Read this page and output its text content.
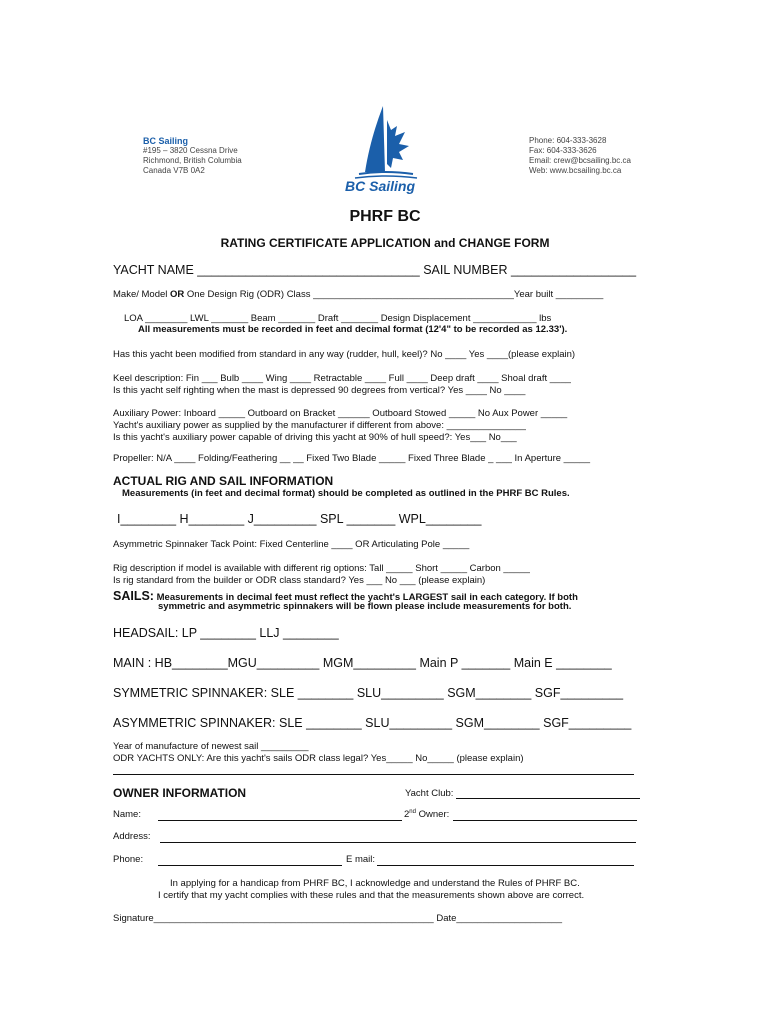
BC Sailing
#195 – 3820 Cessna Drive
Richmond, British Columbia
Canada V7B 0A2
BC Sailing
Phone: 604-333-3628
Fax: 604-333-3626
Email: crew@bcsailing.bc.ca
Web: www.bcsailing.bc.ca
PHRF BC
RATING CERTIFICATE APPLICATION and CHANGE FORM
YACHT NAME ________________________________ SAIL NUMBER __________________
Make/ Model OR One Design Rig (ODR) Class ______________________________________Year built _________
LOA ________ LWL _______ Beam _______ Draft _______ Design Displacement ____________ lbs
All measurements must be recorded in feet and decimal format (12'4" to be recorded as 12.33').
Has this yacht been modified from standard in any way (rudder, hull, keel)? No ____ Yes ____(please explain)
Keel description: Fin ___ Bulb ____ Wing ____ Retractable ____ Full ____ Deep draft ____ Shoal draft ____
Is this yacht self righting when the mast is depressed 90 degrees from vertical? Yes ____ No ____
Auxiliary Power: Inboard _____ Outboard on Bracket ______ Outboard Stowed _____ No Aux Power _____
Yacht's auxiliary power as supplied by the manufacturer if different from above: _______________
Is this yacht's auxiliary power capable of driving this yacht at 90% of hull speed?: Yes___ No___
Propeller: N/A ____ Folding/Feathering __ __ Fixed Two Blade _____ Fixed Three Blade _ ___ In Aperture _____
ACTUAL RIG AND SAIL INFORMATION
Measurements (in feet and decimal format) should be completed as outlined in the PHRF BC Rules.
I________ H________ J_________ SPL _______ WPL________
Asymmetric Spinnaker Tack Point: Fixed Centerline ____ OR Articulating Pole _____
Rig description if model is available with different rig options: Tall _____ Short _____ Carbon _____
Is rig standard from the builder or ODR class standard? Yes ___ No ___ (please explain)
SAILS: Measurements in decimal feet must reflect the yacht's LARGEST sail in each category. If both
symmetric and asymmetric spinnakers will be flown please include measurements for both.
HEADSAIL: LP ________ LLJ ________
MAIN : HB________MGU_________ MGM_________ Main P _______ Main E ________
SYMMETRIC SPINNAKER: SLE ________ SLU_________ SGM________ SGF_________
ASYMMETRIC SPINNAKER: SLE ________ SLU_________ SGM________ SGF_________
Year of manufacture of newest sail _________
ODR YACHTS ONLY: Are this yacht's sails ODR class legal? Yes_____ No_____ (please explain)
OWNER INFORMATION	Yacht Club:
Name:	2nd Owner:
Address:
Phone:	E mail:
In applying for a handicap from PHRF BC, I acknowledge and understand the Rules of PHRF BC.
I certify that my yacht complies with these rules and that the measurements shown above are correct.
Signature_____________________________________________________ Date____________________
